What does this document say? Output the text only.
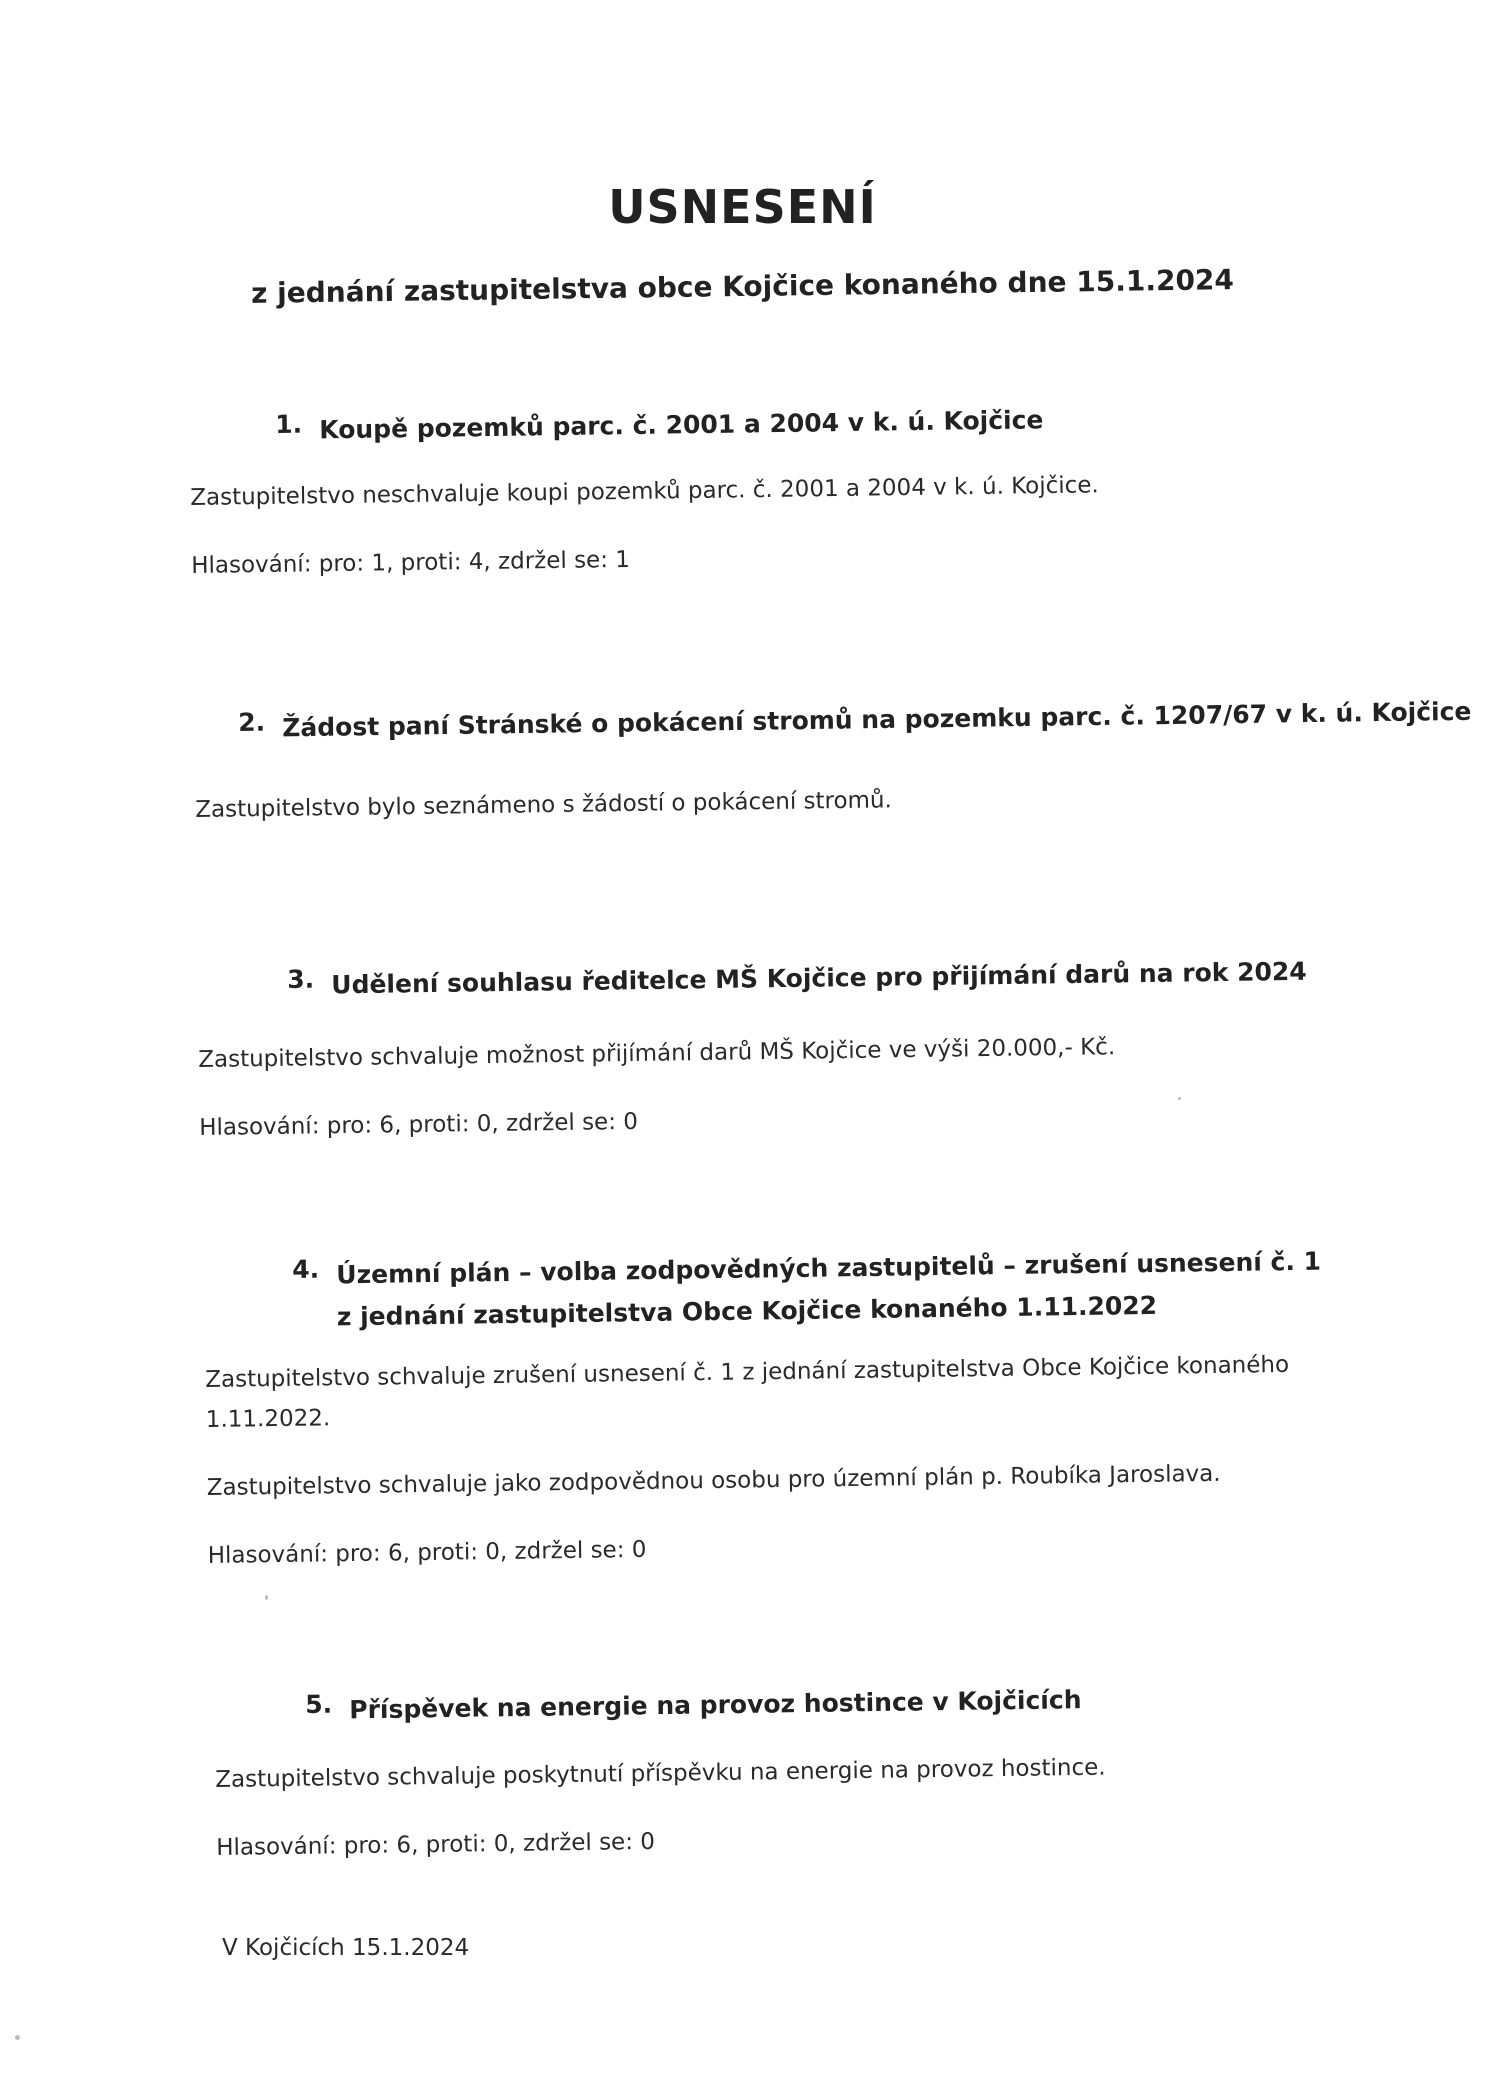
USNESENÍ
z jednání zastupitelstva obce Kojčice konaného dne 15.1.2024
1. Koupě pozemků parc. č. 2001 a 2004 v k. ú. Kojčice
Zastupitelstvo neschvaluje koupi pozemků parc. č. 2001 a 2004 v k. ú. Kojčice.
Hlasování: pro: 1, proti: 4, zdržel se: 1
2. Žádost paní Stránské o pokácení stromů na pozemku parc. č. 1207/67 v k. ú. Kojčice
Zastupitelstvo bylo seznámeno s žádostí o pokácení stromů.
3. Udělení souhlasu ředitelce MŠ Kojčice pro přijímání darů na rok 2024
Zastupitelstvo schvaluje možnost přijímání darů MŠ Kojčice ve výši 20.000,- Kč.
Hlasování: pro: 6, proti: 0, zdržel se: 0
4. Územní plán – volba zodpovědných zastupitelů – zrušení usnesení č. 1 z jednání zastupitelstva Obce Kojčice konaného 1.11.2022
Zastupitelstvo schvaluje zrušení usnesení č. 1 z jednání zastupitelstva Obce Kojčice konaného 1.11.2022.
Zastupitelstvo schvaluje jako zodpovědnou osobu pro územní plán p. Roubíka Jaroslava.
Hlasování: pro: 6, proti: 0, zdržel se: 0
5. Příspěvek na energie na provoz hostince v Kojčicích
Zastupitelstvo schvaluje poskytnutí příspěvku na energie na provoz hostince.
Hlasování: pro: 6, proti: 0, zdržel se: 0
V Kojčicích 15.1.2024
